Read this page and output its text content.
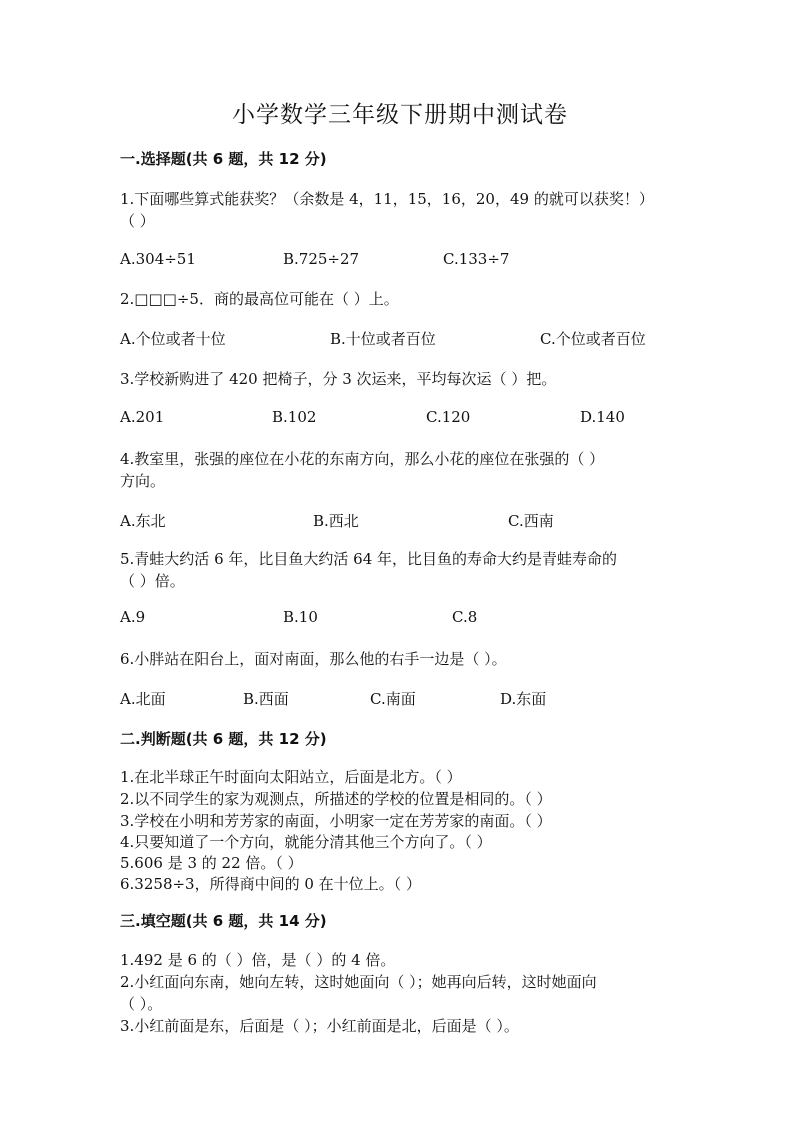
小学数学三年级下册期中测试卷
一.选择题(共 6 题，共 12 分)
1.下面哪些算式能获奖？（余数是 4，11，15，16，20，49 的就可以获奖！）
（ ）
A.304÷51	B.725÷27	C.133÷7
2.□□□÷5．商的最高位可能在（ ）上。
A.个位或者十位	B.十位或者百位	C.个位或者百位
3.学校新购进了 420 把椅子，分 3 次运来，平均每次运（ ）把。
A.201	B.102	C.120	D.140
4.教室里，张强的座位在小花的东南方向，那么小花的座位在张强的（ ）
方向。
A.东北	B.西北	C.西南
5.青蛙大约活 6 年，比目鱼大约活 64 年，比目鱼的寿命大约是青蛙寿命的
（ ）倍。
A.9	B.10	C.8
6.小胖站在阳台上，面对南面，那么他的右手一边是（ ）。
A.北面	B.西面	C.南面	D.东面
二.判断题(共 6 题，共 12 分)
1.在北半球正午时面向太阳站立，后面是北方。（ ）
2.以不同学生的家为观测点，所描述的学校的位置是相同的。（ ）
3.学校在小明和芳芳家的南面，小明家一定在芳芳家的南面。（ ）
4.只要知道了一个方向，就能分清其他三个方向了。（ ）
5.606 是 3 的 22 倍。（ ）
6.3258÷3，所得商中间的 0 在十位上。（ ）
三.填空题(共 6 题，共 14 分)
1.492 是 6 的（ ）倍，是（ ）的 4 倍。
2.小红面向东南，她向左转，这时她面向（ ）；她再向后转，这时她面向
（ ）。
3.小红前面是东，后面是（ ）；小红前面是北，后面是（ ）。
